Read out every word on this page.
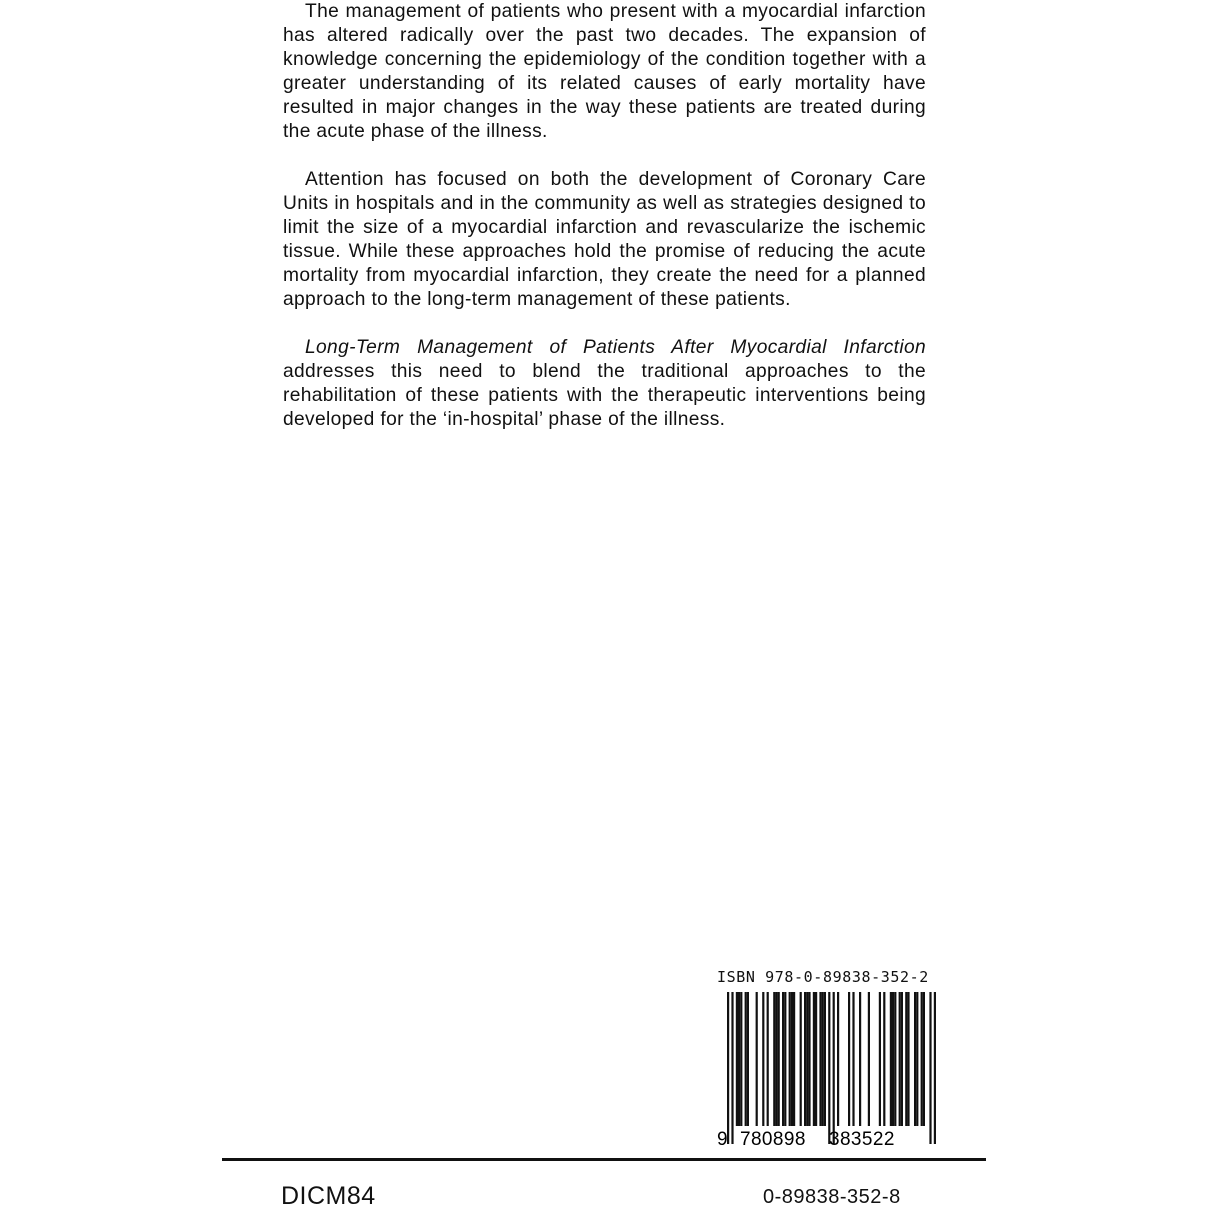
The management of patients who present with a myocardial infarction has altered radically over the past two decades. The expansion of knowledge concerning the epidemiology of the condition together with a greater understanding of its related causes of early mortality have resulted in major changes in the way these patients are treated during the acute phase of the illness.

Attention has focused on both the development of Coronary Care Units in hospitals and in the community as well as strategies designed to limit the size of a myocardial infarction and revascularize the ischemic tissue. While these approaches hold the promise of reducing the acute mortality from myocardial infarction, they create the need for a planned approach to the long-term management of these patients.

Long-Term Management of Patients After Myocardial Infarction addresses this need to blend the traditional approaches to the rehabilitation of these patients with the therapeutic interventions being developed for the ‘in-hospital’ phase of the illness.

ISBN 978-0-89838-352-2
9 780898 383522
DICM84	0-89838-352-8
